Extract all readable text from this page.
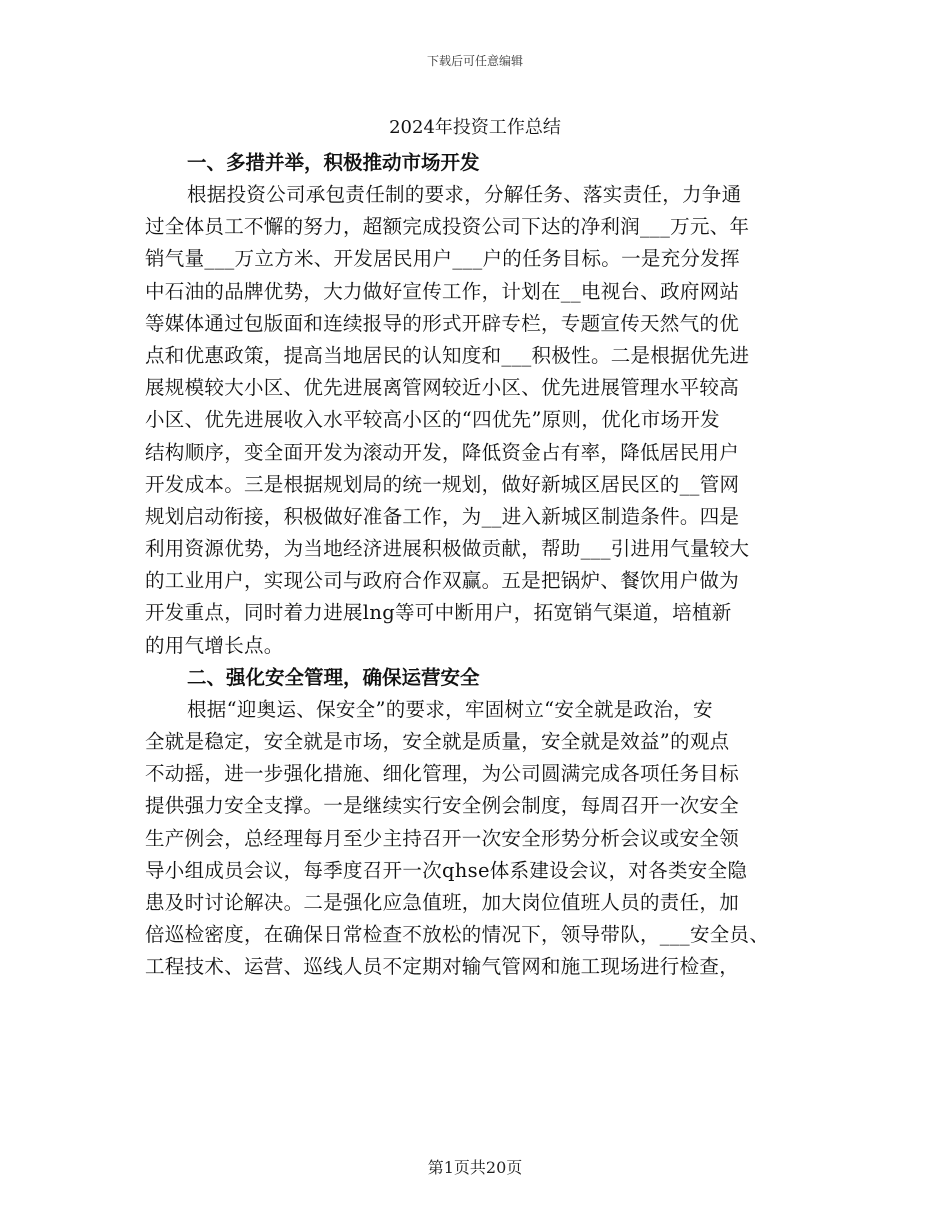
下载后可任意编辑
2024年投资工作总结
一、多措并举，积极推动市场开发
根据投资公司承包责任制的要求，分解任务、落实责任，力争通
过全体员工不懈的努力，超额完成投资公司下达的净利润___万元、年
销气量___万立方米、开发居民用户___户的任务目标。一是充分发挥
中石油的品牌优势，大力做好宣传工作，计划在__电视台、政府网站
等媒体通过包版面和连续报导的形式开辟专栏，专题宣传天然气的优
点和优惠政策，提高当地居民的认知度和___积极性。二是根据优先进
展规模较大小区、优先进展离管网较近小区、优先进展管理水平较高
小区、优先进展收入水平较高小区的“四优先”原则，优化市场开发
结构顺序，变全面开发为滚动开发，降低资金占有率，降低居民用户
开发成本。三是根据规划局的统一规划，做好新城区居民区的__管网
规划启动衔接，积极做好准备工作，为__进入新城区制造条件。四是
利用资源优势，为当地经济进展积极做贡献，帮助___引进用气量较大
的工业用户，实现公司与政府合作双赢。五是把锅炉、餐饮用户做为
开发重点，同时着力进展lng等可中断用户，拓宽销气渠道，培植新
的用气增长点。
二、强化安全管理，确保运营安全
根据“迎奥运、保安全”的要求，牢固树立“安全就是政治，安
全就是稳定，安全就是市场，安全就是质量，安全就是效益”的观点
不动摇，进一步强化措施、细化管理，为公司圆满完成各项任务目标
提供强力安全支撑。一是继续实行安全例会制度，每周召开一次安全
生产例会，总经理每月至少主持召开一次安全形势分析会议或安全领
导小组成员会议，每季度召开一次qhse体系建设会议，对各类安全隐
患及时讨论解决。二是强化应急值班，加大岗位值班人员的责任，加
倍巡检密度，在确保日常检查不放松的情况下，领导带队，___安全员、
工程技术、运营、巡线人员不定期对输气管网和施工现场进行检查，
第1页共20页
